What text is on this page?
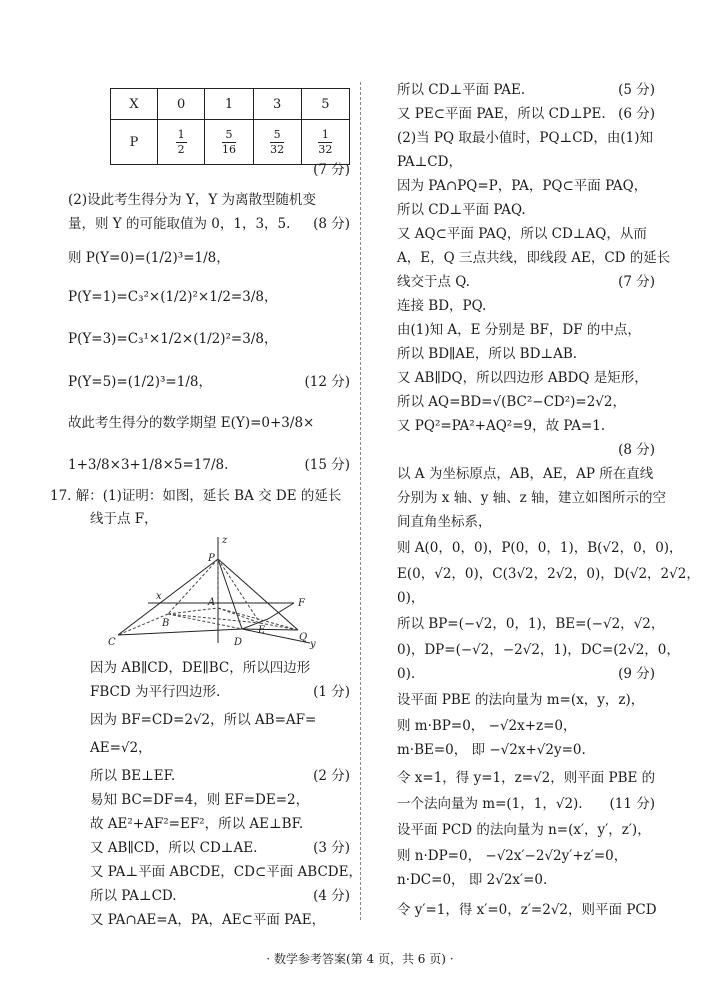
X	0	1	3	5
P	$\frac{1}{2}$	$\frac{5}{16}$	$\frac{5}{32}$	$\frac{1}{32}$
(7 分)
(2)设此考生得分为 Y，Y 为离散型随机变
量，则 Y 的可能取值为 0，1，3，5. (8 分)
则 P(Y=0)=(1/2)³=1/8，
P(Y=1)=C₃²×(1/2)²×1/2=3/8，
P(Y=3)=C₃¹×1/2×(1/2)²=3/8，
P(Y=5)=(1/2)³=1/8，	(12 分)
故此考生得分的数学期望 E(Y)=0+3/8×
1+3/8×3+1/8×5=17/8.	(15 分)
17. 解：(1)证明：如图，延长 BA 交 DE 的延长
线于点 F，
因为 AB∥CD，DE∥BC，所以四边形
FBCD 为平行四边形.	(1 分)
因为 BF=CD=2√2，所以 AB=AF=
AE=√2，
所以 BE⊥EF.	(2 分)
易知 BC=DF=4，则 EF=DE=2，
故 AE²+AF²=EF²，所以 AE⊥BF.
又 AB∥CD，所以 CD⊥AE.	(3 分)
又 PA⊥平面 ABCDE，CD⊂平面 ABCDE，
所以 PA⊥CD.	(4 分)
又 PA∩AE=A，PA，AE⊂平面 PAE，
z
P
x
F
A
B
E
Q
C	D	y
所以 CD⊥平面 PAE.	(5 分)
又 PE⊂平面 PAE，所以 CD⊥PE. (6 分)
(2)当 PQ 取最小值时，PQ⊥CD，由(1)知
PA⊥CD，
因为 PA∩PQ=P，PA，PQ⊂平面 PAQ，
所以 CD⊥平面 PAQ.
又 AQ⊂平面 PAQ，所以 CD⊥AQ，从而
A，E，Q 三点共线，即线段 AE，CD 的延长
线交于点 Q.	(7 分)
连接 BD，PQ.
由(1)知 A，E 分别是 BF，DF 的中点，
所以 BD∥AE，所以 BD⊥AB.
又 AB∥DQ，所以四边形 ABDQ 是矩形，
所以 AQ=BD=√(BC²−CD²)=2√2，
又 PQ²=PA²+AQ²=9，故 PA=1.
(8 分)
以 A 为坐标原点，AB，AE，AP 所在直线
分别为 x 轴、y 轴、z 轴，建立如图所示的空
间直角坐标系，
则 A(0，0，0)，P(0，0，1)，B(√2，0，0)，
E(0，√2，0)，C(3√2，2√2，0)，D(√2，2√2，
0)，
所以 BP=(−√2，0，1)，BE=(−√2，√2，
0)，DP=(−√2，−2√2，1)，DC=(2√2，0，
0).	(9 分)
设平面 PBE 的法向量为 m=(x，y，z)，
则 m·BP=0， −√2x+z=0，
m·BE=0， 即 −√2x+√2y=0.
令 x=1，得 y=1，z=√2，则平面 PBE 的
一个法向量为 m=(1，1，√2). (11 分)
设平面 PCD 的法向量为 n=(x′，y′，z′)，
则 n·DP=0， −√2x′−2√2y′+z′=0，
n·DC=0， 即 2√2x′=0.
令 y′=1，得 x′=0，z′=2√2，则平面 PCD
· 数学参考答案(第 4 页，共 6 页) ·
